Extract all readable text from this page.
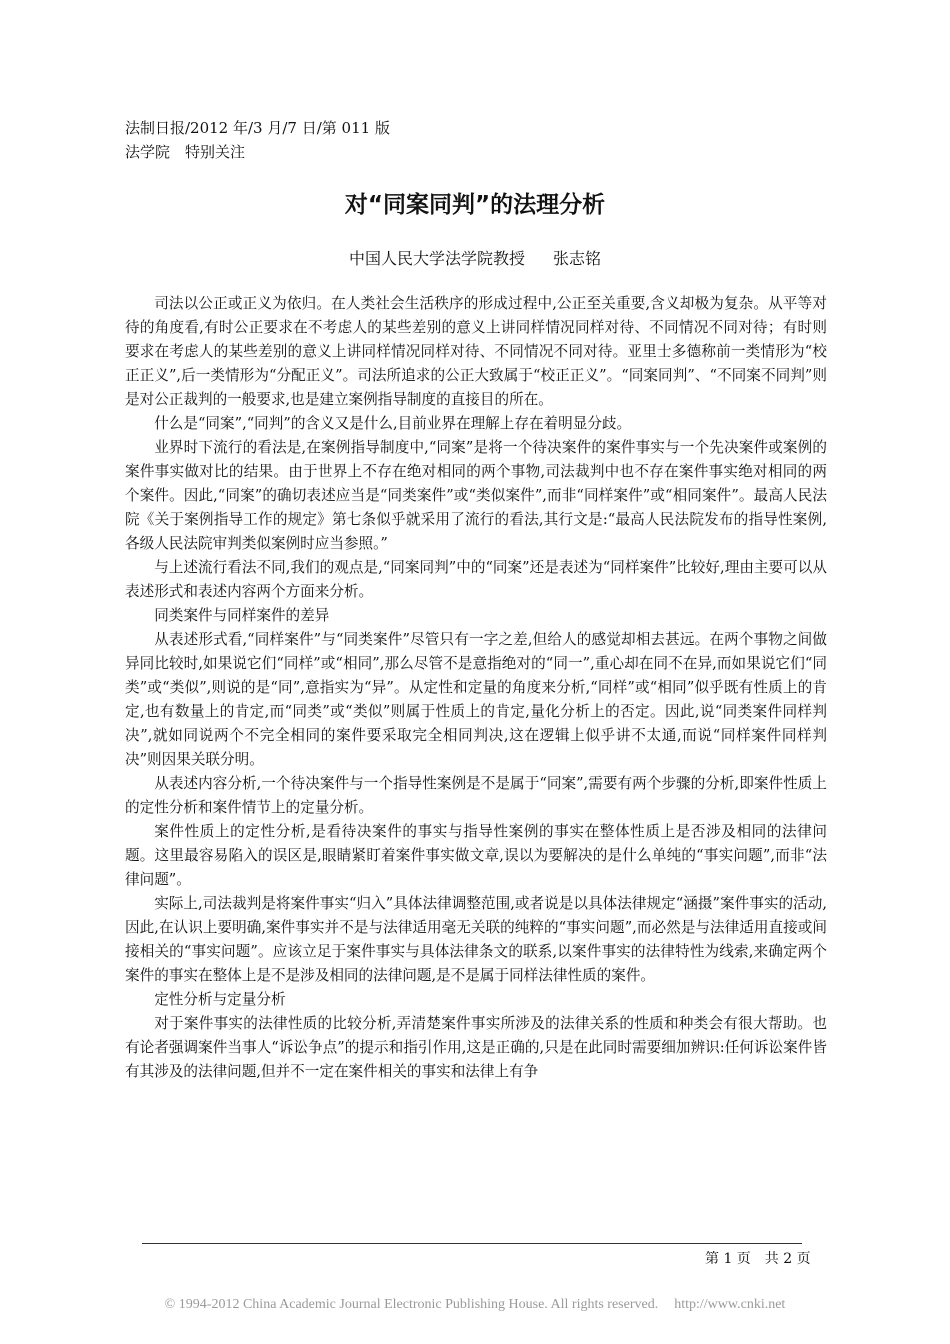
法制日报/2012 年/3 月/7 日/第 011 版
法学院　特别关注
对“同案同判”的法理分析
中国人民大学法学院教授 张志铭

司法以公正或正义为依归。在人类社会生活秩序的形成过程中,公正至关重要,含义却极为复杂。从平等对待的角度看,有时公正要求在不考虑人的某些差别的意义上讲同样情况同样对待、不同情况不同对待；有时则要求在考虑人的某些差别的意义上讲同样情况同样对待、不同情况不同对待。亚里士多德称前一类情形为“校正正义”,后一类情形为“分配正义”。司法所追求的公正大致属于“校正正义”。“同案同判”、“不同案不同判”则是对公正裁判的一般要求,也是建立案例指导制度的直接目的所在。

什么是“同案”,“同判”的含义又是什么,目前业界在理解上存在着明显分歧。

业界时下流行的看法是,在案例指导制度中,“同案”是将一个待决案件的案件事实与一个先决案件或案例的案件事实做对比的结果。由于世界上不存在绝对相同的两个事物,司法裁判中也不存在案件事实绝对相同的两个案件。因此,“同案”的确切表述应当是“同类案件”或“类似案件”,而非“同样案件”或“相同案件”。最高人民法院《关于案例指导工作的规定》第七条似乎就采用了流行的看法,其行文是:“最高人民法院发布的指导性案例,各级人民法院审判类似案例时应当参照。”

与上述流行看法不同,我们的观点是,“同案同判”中的“同案”还是表述为“同样案件”比较好,理由主要可以从表述形式和表述内容两个方面来分析。

同类案件与同样案件的差异

从表述形式看,“同样案件”与“同类案件”尽管只有一字之差,但给人的感觉却相去甚远。在两个事物之间做异同比较时,如果说它们“同样”或“相同”,那么尽管不是意指绝对的“同一”,重心却在同不在异,而如果说它们“同类”或“类似”,则说的是“同”,意指实为“异”。从定性和定量的角度来分析,“同样”或“相同”似乎既有性质上的肯定,也有数量上的肯定,而“同类”或“类似”则属于性质上的肯定,量化分析上的否定。因此,说“同类案件同样判决”,就如同说两个不完全相同的案件要采取完全相同判决,这在逻辑上似乎讲不太通,而说“同样案件同样判决”则因果关联分明。

从表述内容分析,一个待决案件与一个指导性案例是不是属于“同案”,需要有两个步骤的分析,即案件性质上的定性分析和案件情节上的定量分析。

案件性质上的定性分析,是看待决案件的事实与指导性案例的事实在整体性质上是否涉及相同的法律问题。这里最容易陷入的误区是,眼睛紧盯着案件事实做文章,误以为要解决的是什么单纯的“事实问题”,而非“法律问题”。

实际上,司法裁判是将案件事实“归入”具体法律调整范围,或者说是以具体法律规定“涵摄”案件事实的活动,因此,在认识上要明确,案件事实并不是与法律适用毫无关联的纯粹的“事实问题”,而必然是与法律适用直接或间接相关的“事实问题”。应该立足于案件事实与具体法律条文的联系,以案件事实的法律特性为线索,来确定两个案件的事实在整体上是不是涉及相同的法律问题,是不是属于同样法律性质的案件。

定性分析与定量分析

对于案件事实的法律性质的比较分析,弄清楚案件事实所涉及的法律关系的性质和种类会有很大帮助。也有论者强调案件当事人“诉讼争点”的提示和指引作用,这是正确的,只是在此同时需要细加辨识:任何诉讼案件皆有其涉及的法律问题,但并不一定在案件相关的事实和法律上有争

第 1 页　共 2 页
© 1994-2012 China Academic Journal Electronic Publishing House. All rights reserved. http://www.cnki.net
